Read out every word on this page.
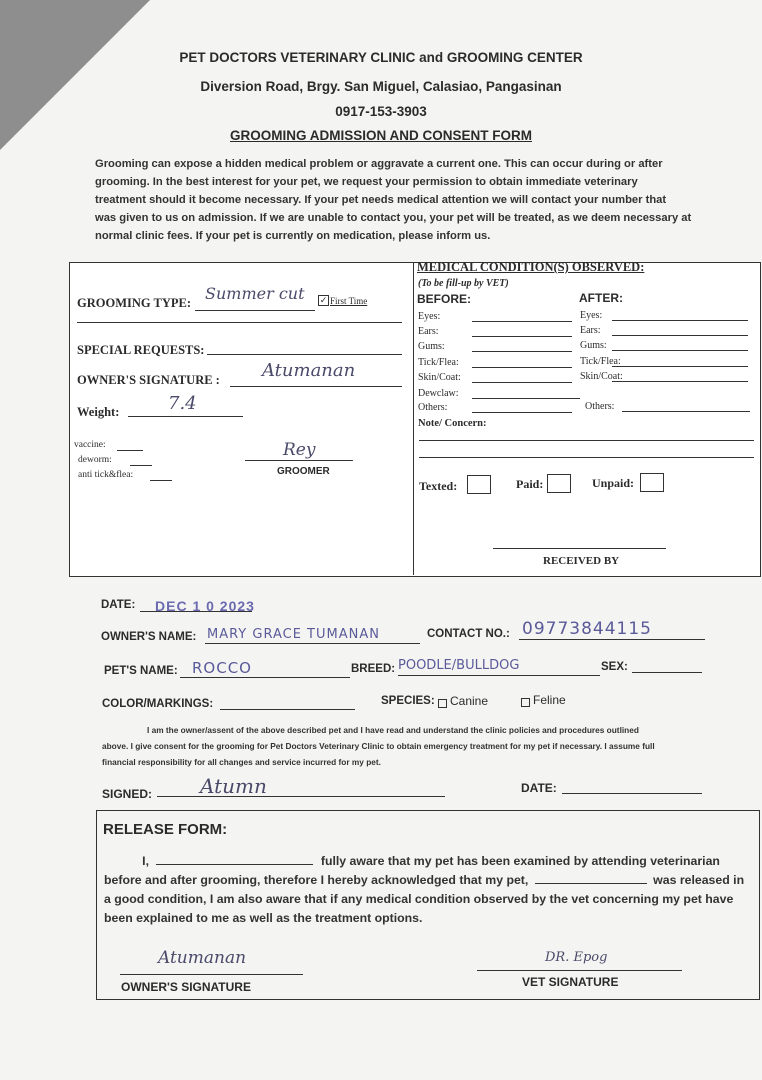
PET DOCTORS VETERINARY CLINIC and GROOMING CENTER
Diversion Road, Brgy. San Miguel, Calasiao, Pangasinan
0917-153-3903
GROOMING ADMISSION AND CONSENT FORM
Grooming can expose a hidden medical problem or aggravate a current one. This can occur during or after
grooming. In the best interest for your pet, we request your permission to obtain immediate veterinary
treatment should it become necessary. If your pet needs medical attention we will contact your number that
was given to us on admission. If we are unable to contact you, your pet will be treated, as we deem necessary at
normal clinic fees. If your pet is currently on medication, please inform us.
GROOMING TYPE: Summer cut ✓ First Time
SPECIAL REQUESTS:
OWNER'S SIGNATURE : Atumanan
Weight:	7.4
vaccine:
deworm:
anti tick&flea:
Rey
GROOMER
MEDICAL CONDITION(S) OBSERVED:
(To be fill-up by VET)
BEFORE:	AFTER:
Eyes:	Eyes:
Ears:	Ears:
Gums:	Gums:
Tick/Flea:	Tick/Flea:
Skin/Coat:	Skin/Coat:
Dewclaw:
Others:	Others:
Note/ Concern:
Texted:	Paid:	Unpaid:
RECEIVED BY
DATE: DEC 1 0 2023
OWNER'S NAME: MARY GRACE TUMANAN	CONTACT NO.: 09773844115
PET'S NAME: ROCCO	BREED: POODLE/BULLDOG	SEX:
COLOR/MARKINGS:	SPECIES: Canine	Feline
I am the owner/assent of the above described pet and I have read and understand the clinic policies and procedures outlined
above. I give consent for the grooming for Pet Doctors Veterinary Clinic to obtain emergency treatment for my pet if necessary. I assume full
financial responsibility for all changes and service incurred for my pet.
SIGNED: Atumn	DATE:
RELEASE FORM:
I,	fully aware that my pet has been examined by attending veterinarian
before and after grooming, therefore I hereby acknowledged that my pet,	was released in
a good condition, I am also aware that if any medical condition observed by the vet concerning my pet have
been explained to me as well as the treatment options.
Atumanan
OWNER'S SIGNATURE
DR. Epog
VET SIGNATURE
